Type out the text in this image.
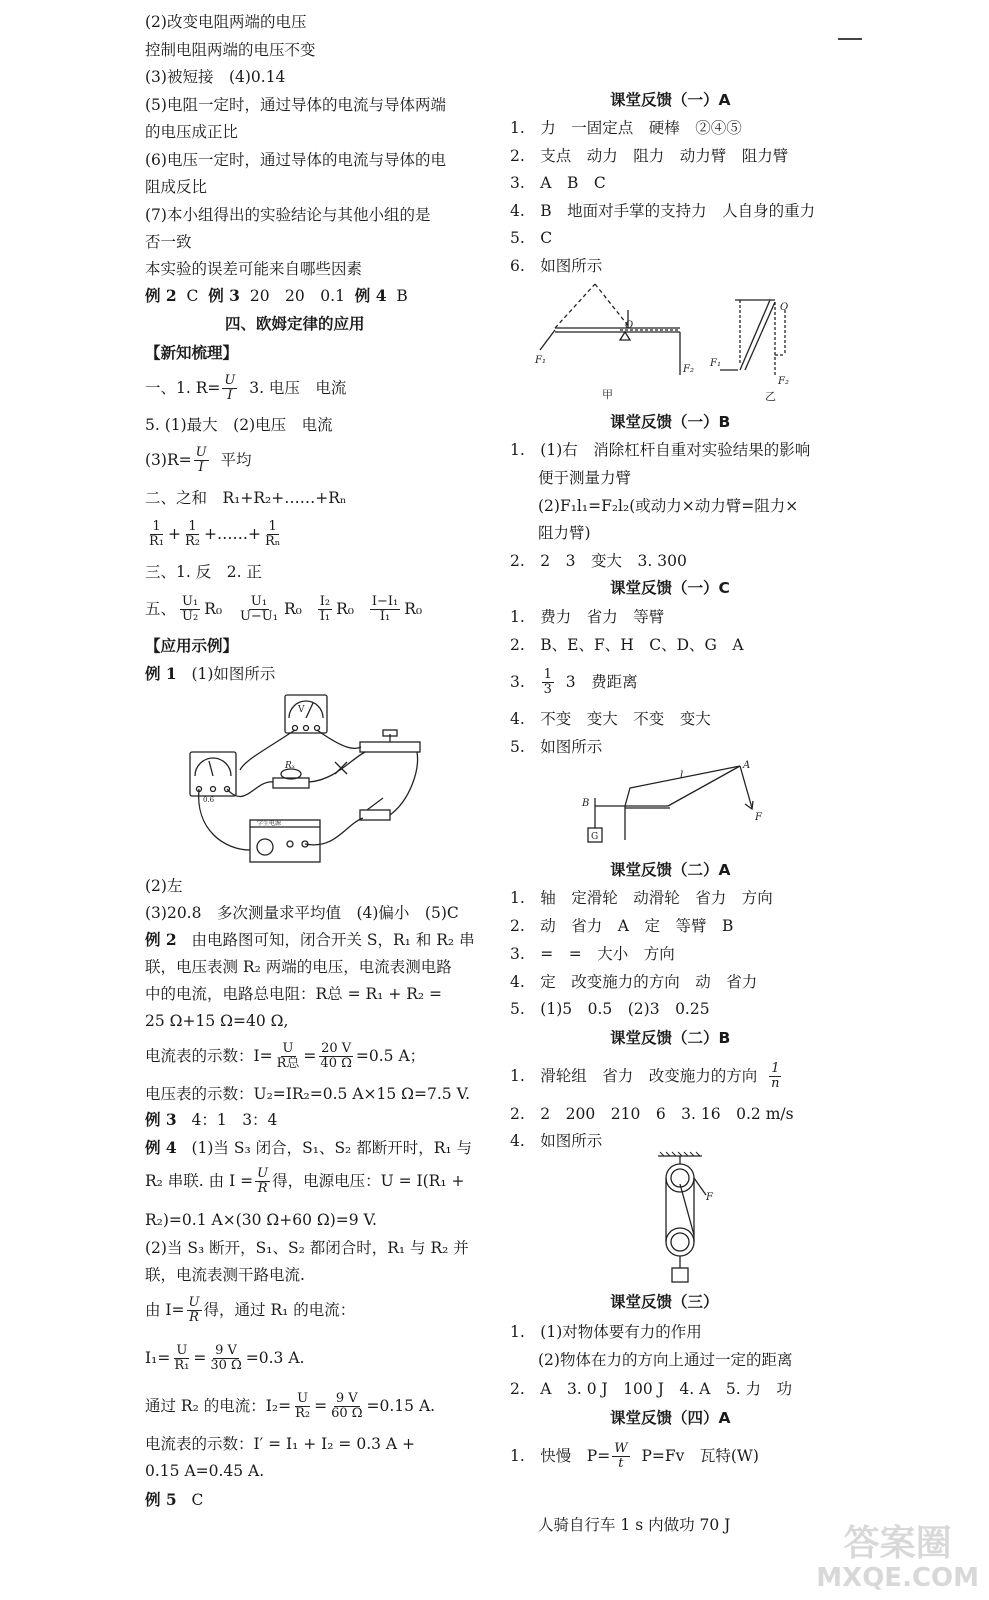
(2)改变电阻两端的电压
控制电阻两端的电压不变
(3)被短接　(4)0.14
(5)电阻一定时，通过导体的电流与导体两端
的电压成正比
(6)电压一定时，通过导体的电流与导体的电
阻成反比
(7)本小组得出的实验结论与其他小组的是
否一致
本实验的误差可能来自哪些因素
例 2 C 例 3 20　20　0.1 例 4 B
四、欧姆定律的应用
【新知梳理】
一、1. $R= \frac{U}{I}$
3. 电压　电流
5. (1)最大　(2)电压　电流
$(3)R= \frac{U}{I}$
平均
二、之和　R₁+R₂+……+Rₙ
$\frac{1}{\text{R₁}} + \frac{1}{\text{R₂}}$ +……+ $\frac{1}{\text{Rₙ}}$
三、1. 反　2. 正
五、 $\frac{\text{U₁}}{\text{U₂}} R_0$
$\frac{\text{U₁}}{\text{U−U₁}} R_0$
$\frac{\text{I₂}}{\text{I₁}} R_0$
$\frac{\text{I−I₁}}{\text{I₁}} R_0$
【应用示例】
例 1 (1)如图所示
V
0.6
Rₓ
学生电源
(2)左
(3)20.8　多次测量求平均值　(4)偏小　(5)C
例 2 由电路图可知，闭合开关 S，R₁ 和 R₂ 串
联，电压表测 R₂ 两端的电压，电流表测电路
中的电流，电路总电阻：R总 = R₁ + R₂ =
25 Ω+15 Ω=40 Ω,
电流表的示数：$I= \frac{U}{\text{R总}} = \frac{20 V}{40 \Omega} =0.5$ A；
电压表的示数：U₂=IR₂=0.5 A×15 Ω=7.5 V.
例 3 4：1　3：4
例 4 (1)当 S₃ 闭合，S₁、S₂ 都断开时，R₁ 与
R₂ 串联. 由 $I = \frac{U}{R}$ 得，电源电压：U = I(R₁ +
R₂)=0.1 A×(30 Ω+60 Ω)=9 V.
(2)当 S₃ 断开，S₁、S₂ 都闭合时，R₁ 与 R₂ 并
联，电流表测干路电流.
由 $I= \frac{U}{R}$ 得，通过 R₁ 的电流：
$I_1= \frac{U}{\text{R₁}} = \frac{9 V}{30 \Omega} =0.3$ A.
通过 R₂ 的电流：$I_2= \frac{U}{\text{R₂}} = \frac{9 V}{60 \Omega} =0.15$ A.
电流表的示数：I′ = I₁ + I₂ = 0.3 A +
0.15 A=0.45 A.
例 5 C
课堂反馈（一）A
1.　力　一固定点　硬棒　②④⑤
2.　支点　动力　阻力　动力臂　阻力臂
3.　A　B　C
4.　B　地面对手掌的支持力　人自身的重力
5.　C
6.　如图所示
O
F₁
F₂
O
F₁
F₂
甲	乙
课堂反馈（一）B
1.　(1)右　消除杠杆自重对实验结果的影响
便于测量力臂
(2)F₁l₁=F₂l₂(或动力×动力臂=阻力×
阻力臂)
2.　2　3　变大　3. 300
课堂反馈（一）C
1.　费力　省力　等臂
2.　B、E、F、H　C、D、G　A
3.
$\frac{1}{3}$
3　费距离
4.　不变　变大　不变　变大
5.　如图所示
B
A
l
F
G
课堂反馈（二）A
1.　轴　定滑轮　动滑轮　省力　方向
2.　动　省力　A　定　等臂　B
3.　=　=　大小　方向
4.　定　改变施力的方向　动　省力
5.　(1)5　0.5　(2)3　0.25
课堂反馈（二）B
1.　滑轮组　省力　改变施力的方向
$\frac{1}{n}$
2.　2　200　210　6　3. 16　0.2 m/s
4.　如图所示
F
课堂反馈（三）
1.　(1)对物体要有力的作用
(2)物体在力的方向上通过一定的距离
2.　A　3. 0 J　100 J　4. A　5. 力　功
课堂反馈（四）A
1.　快慢　$P= \frac{W}{t}$
P=Fv　瓦特(W)
人骑自行车 1 s 内做功 70 J	答案圈
MXQE.COM
